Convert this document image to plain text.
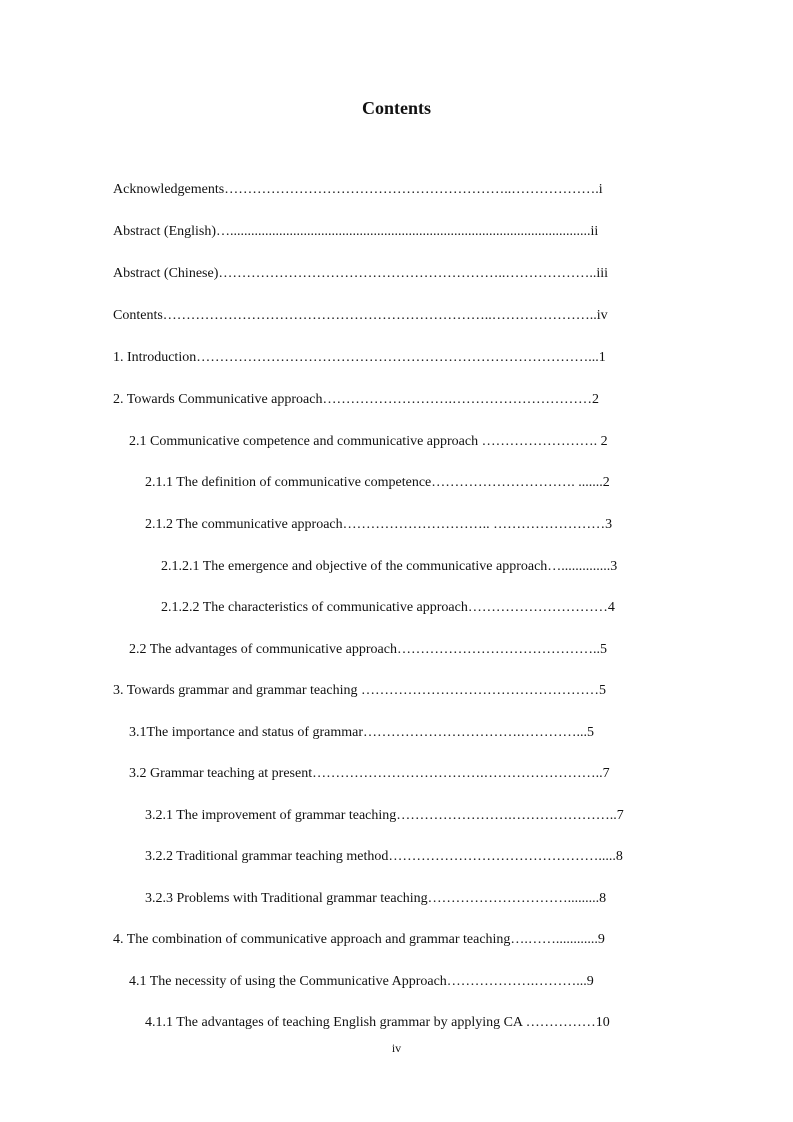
Contents
Acknowledgements……………………………………………………..……………….i
Abstract (English)….......................................................................................................ii
Abstract (Chinese)……………………………………………………..………………..iii
Contents……………………………………………………………..…………………..iv
1. Introduction…………………………………………………………………………...1
2. Towards Communicative approach……………………….…………………………2
2.1 Communicative competence and communicative approach ……………………. 2
2.1.1 The definition of communicative competence…………………………. .......2
2.1.2 The communicative approach………………………….. ……………………3
2.1.2.1 The emergence and objective of the communicative approach…..............3
2.1.2.2 The characteristics of communicative approach…………………………4
2.2 The advantages of communicative approach……………………………………..5
3. Towards grammar and grammar teaching ……………………………………………5
3.1The importance and status of grammar…………………………….…………...5
3.2 Grammar teaching at present……………………………….……………………..7
3.2.1 The improvement of grammar teaching…………………….…………………..7
3.2.2 Traditional grammar teaching method……………………………………….....8
3.2.3 Problems with Traditional grammar teaching………………………….........8
4. The combination of communicative approach and grammar teaching….……............9
4.1 The necessity of using the Communicative Approach……………….………...9
4.1.1 The advantages of teaching English grammar by applying CA ……………10
iv
